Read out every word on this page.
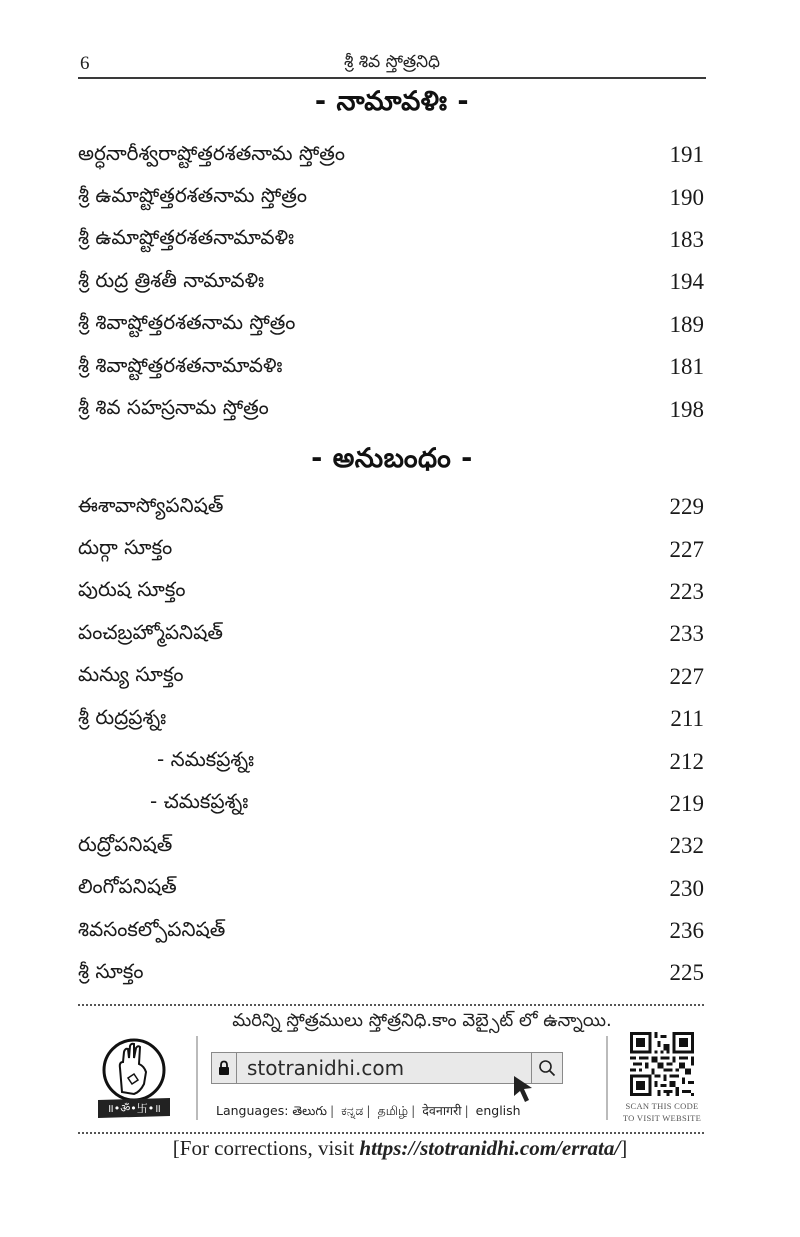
6	శ్రీ శివ స్తోత్రనిధి
- నామావళిః -
అర్ధనారీశ్వరాష్టోత్తరశతనామ స్తోత్రం	191
శ్రీ ఉమాష్టోత్తరశతనామ స్తోత్రం	190
శ్రీ ఉమాష్టోత్తరశతనామావళిః	183
శ్రీ రుద్ర త్రిశతీ నామావళిః	194
శ్రీ శివాష్టోత్తరశతనామ స్తోత్రం	189
శ్రీ శివాష్టోత్తరశతనామావళిః	181
శ్రీ శివ సహస్రనామ స్తోత్రం	198
- అనుబంధం -
ఈశావాస్యోపనిషత్	229
దుర్గా సూక్తం	227
పురుష సూక్తం	223
పంచబ్రహ్మోపనిషత్	233
మన్యు సూక్తం	227
శ్రీ రుద్రప్రశ్నః	211
- నమకప్రశ్నః	212
- చమకప్రశ్నః	219
రుద్రోపనిషత్	232
లింగోపనిషత్	230
శివసంకల్పోపనిషత్	236
శ్రీ సూక్తం	225
మరిన్ని స్తోత్రములు స్తోత్రనిధి.కాం వెబ్సైట్ లో ఉన్నాయి.
॥•ॐ•卐•॥
stotranidhi.com
Languages: తెలుగు | ಕನ್ನಡ | தமிழ் | देवनागरी | english	SCAN THIS CODE
TO VISIT WEBSITE
[For corrections, visit https://stotranidhi.com/errata/]
